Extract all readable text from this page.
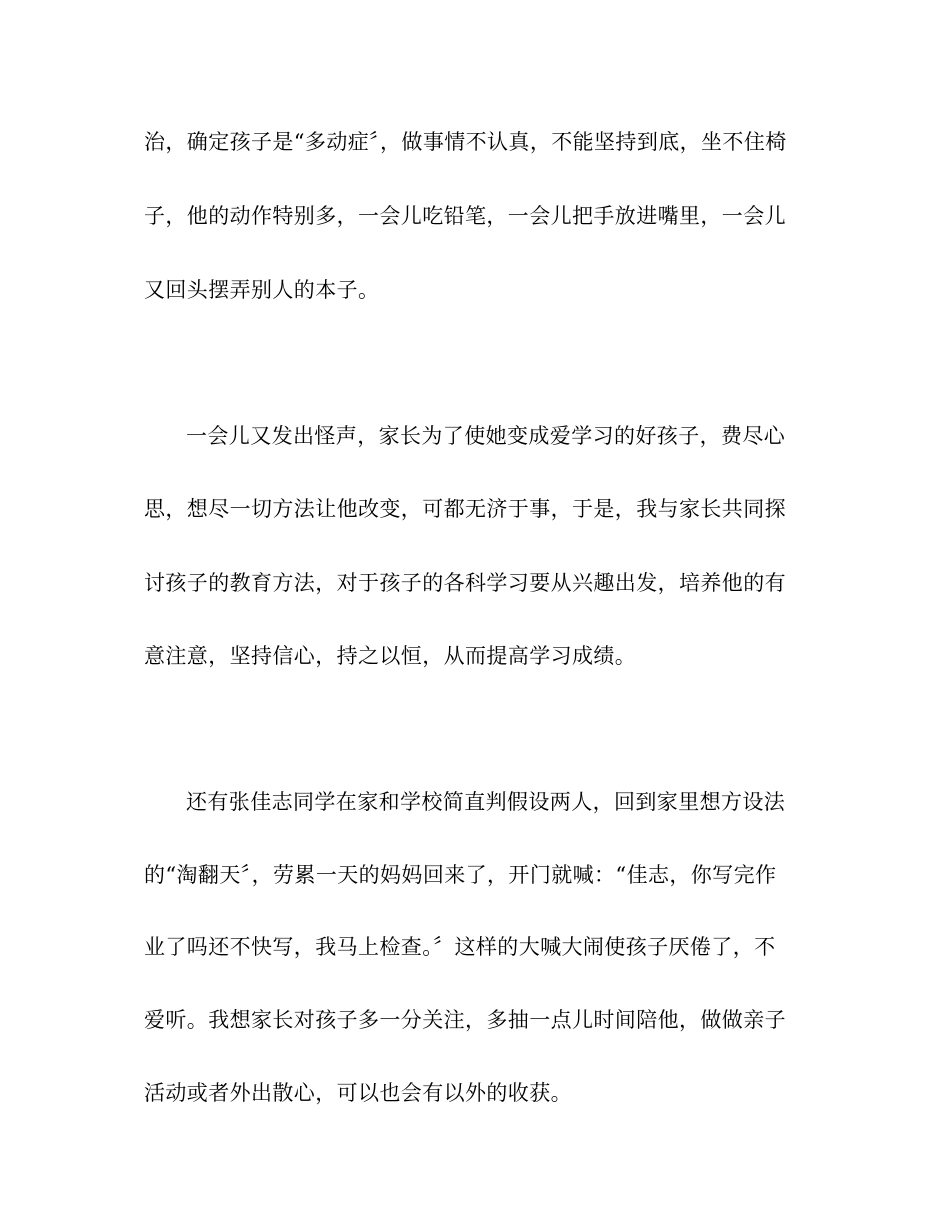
治，确定孩子是“多动症〞，做事情不认真，不能坚持到底，坐不住椅
子，他的动作特别多，一会儿吃铅笔，一会儿把手放进嘴里，一会儿
又回头摆弄别人的本子。
一会儿又发出怪声，家长为了使她变成爱学习的好孩子，费尽心
思，想尽一切方法让他改变，可都无济于事，于是，我与家长共同探
讨孩子的教育方法，对于孩子的各科学习要从兴趣出发，培养他的有
意注意，坚持信心，持之以恒，从而提高学习成绩。
还有张佳志同学在家和学校简直判假设两人，回到家里想方设法
的“淘翻天〞，劳累一天的妈妈回来了，开门就喊：“佳志，你写完作
业了吗还不快写，我马上检查。〞这样的大喊大闹使孩子厌倦了，不
爱听。我想家长对孩子多一分关注，多抽一点儿时间陪他，做做亲子
活动或者外出散心，可以也会有以外的收获。
